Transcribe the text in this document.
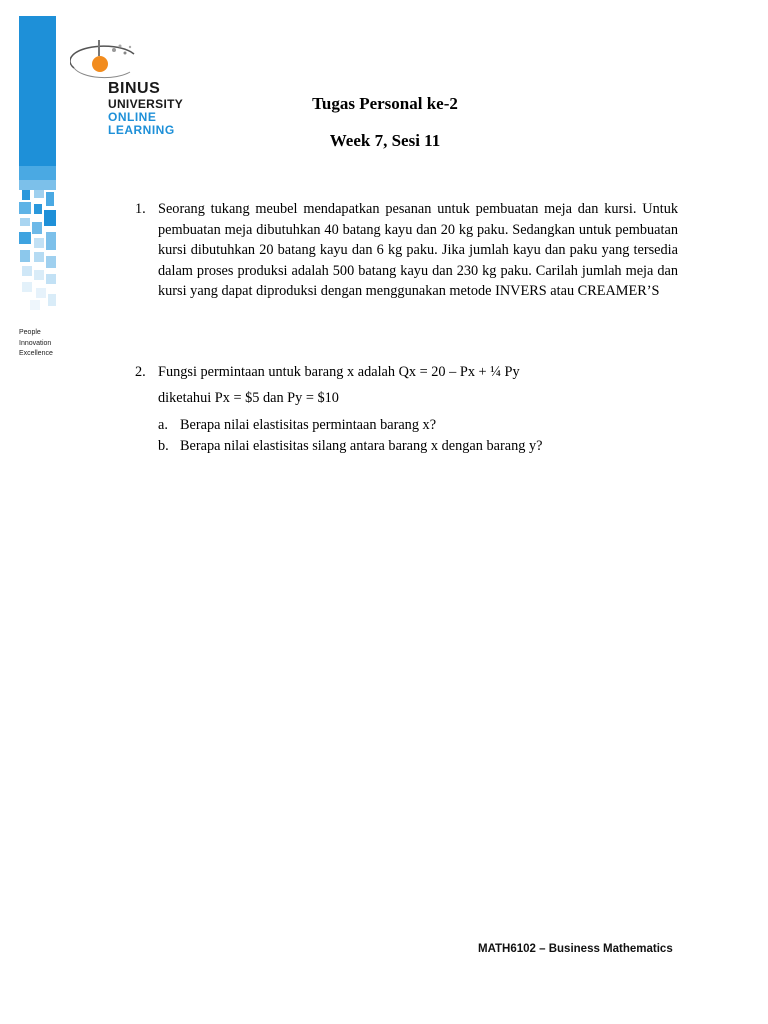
BINUS
UNIVERSITY
ONLINE
LEARNING
People
Innovation
Excellence
Tugas Personal ke-2
Week 7, Sesi 11
1. Seorang tukang meubel mendapatkan pesanan untuk pembuatan meja dan kursi. Untuk pembuatan meja dibutuhkan 40 batang kayu dan 20 kg paku. Sedangkan untuk pembuatan kursi dibutuhkan 20 batang kayu dan 6 kg paku. Jika jumlah kayu dan paku yang tersedia dalam proses produksi adalah 500 batang kayu dan 230 kg paku. Carilah jumlah meja dan kursi yang dapat diproduksi dengan menggunakan metode INVERS atau CREAMER’S
2. Fungsi permintaan untuk barang x adalah Qx = 20 – Px + ¼ Py
diketahui Px = $5 dan Py = $10
a. Berapa nilai elastisitas permintaan barang x?
b. Berapa nilai elastisitas silang antara barang x dengan barang y?
MATH6102 – Business Mathematics
